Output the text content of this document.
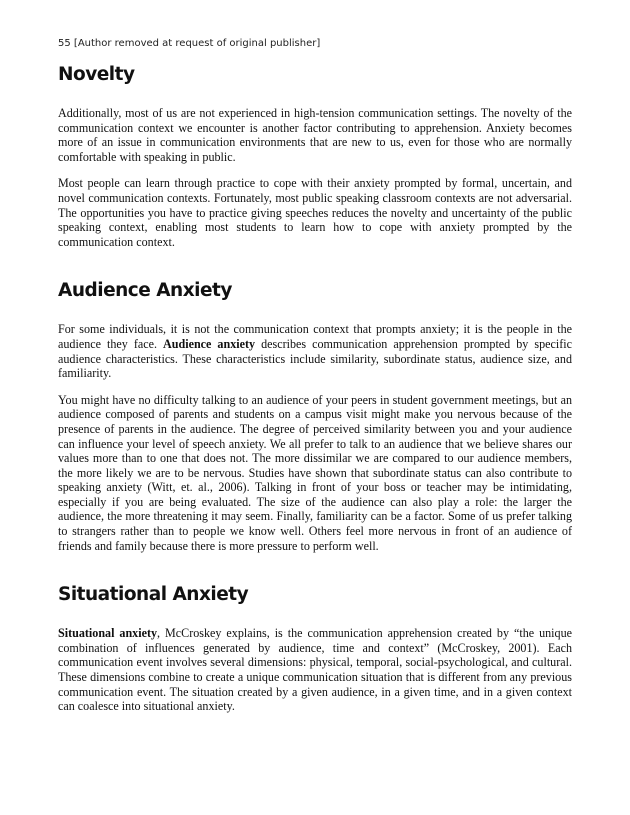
55 [Author removed at request of original publisher]
Novelty

Additionally, most of us are not experienced in high-tension communication settings. The novelty of the communication context we encounter is another factor contributing to apprehension. Anxiety becomes more of an issue in communication environments that are new to us, even for those who are normally comfortable with speaking in public.

Most people can learn through practice to cope with their anxiety prompted by formal, uncertain, and novel communication contexts. Fortunately, most public speaking classroom contexts are not adversarial. The opportunities you have to practice giving speeches reduces the novelty and uncertainty of the public speaking context, enabling most students to learn how to cope with anxiety prompted by the communication context.

Audience Anxiety

For some individuals, it is not the communication context that prompts anxiety; it is the people in the audience they face. Audience anxiety describes communication apprehension prompted by specific audience characteristics. These characteristics include similarity, subordinate status, audience size, and familiarity.

You might have no difficulty talking to an audience of your peers in student government meetings, but an audience composed of parents and students on a campus visit might make you nervous because of the presence of parents in the audience. The degree of perceived similarity between you and your audience can influence your level of speech anxiety. We all prefer to talk to an audience that we believe shares our values more than to one that does not. The more dissimilar we are compared to our audience members, the more likely we are to be nervous. Studies have shown that subordinate status can also contribute to speaking anxiety (Witt, et. al., 2006). Talking in front of your boss or teacher may be intimidating, especially if you are being evaluated. The size of the audience can also play a role: the larger the audience, the more threatening it may seem. Finally, familiarity can be a factor. Some of us prefer talking to strangers rather than to people we know well. Others feel more nervous in front of an audience of friends and family because there is more pressure to perform well.

Situational Anxiety

Situational anxiety, McCroskey explains, is the communication apprehension created by “the unique combination of influences generated by audience, time and context” (McCroskey, 2001). Each communication event involves several dimensions: physical, temporal, social-psychological, and cultural. These dimensions combine to create a unique communication situation that is different from any previous communication event. The situation created by a given audience, in a given time, and in a given context can coalesce into situational anxiety.
